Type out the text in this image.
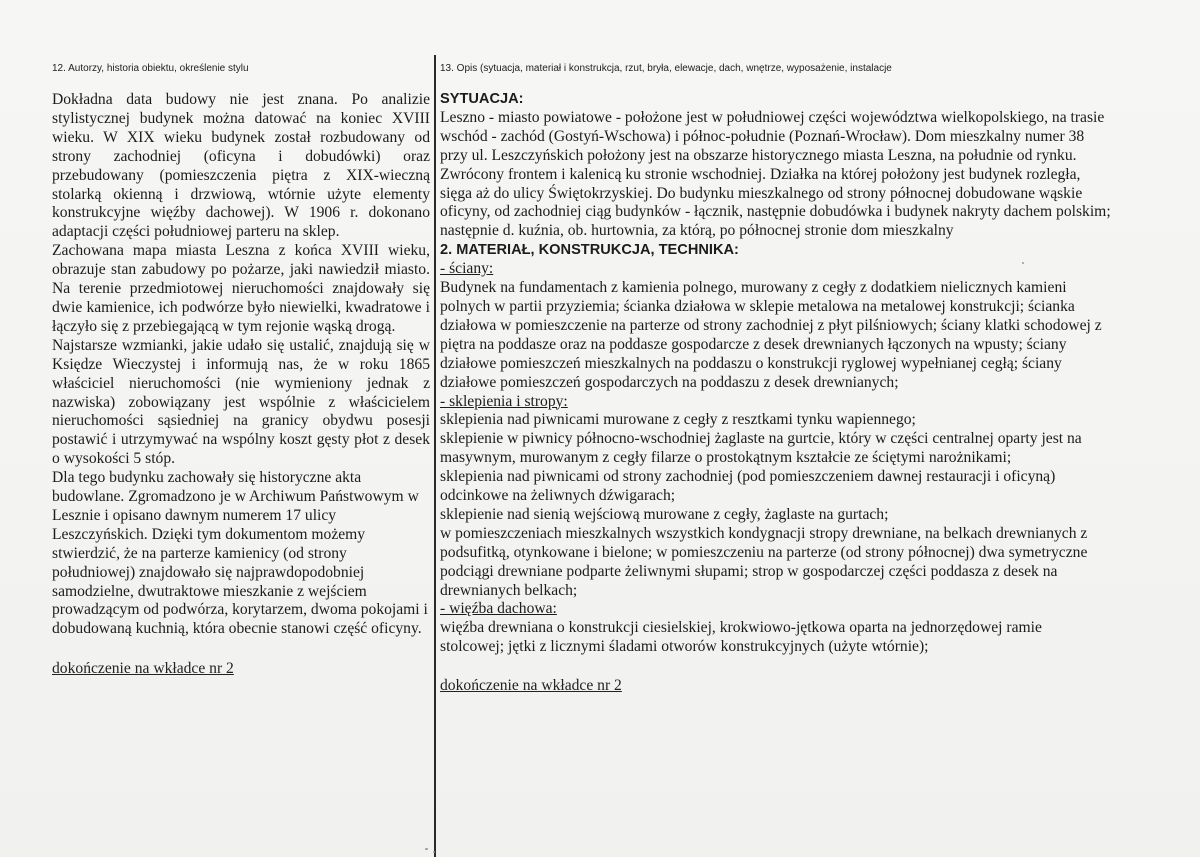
12. Autorzy, historia obiektu, określenie stylu

Dokładna data budowy nie jest znana. Po analizie stylistycznej budynek można datować na koniec XVIII wieku. W XIX wieku budynek został rozbudowany od strony zachodniej (oficyna i dobudówki) oraz przebudowany (pomieszczenia piętra z XIX-wieczną stolarką okienną i drzwiową, wtórnie użyte elementy konstrukcyjne więźby dachowej). W 1906 r. dokonano adaptacji części południowej parteru na sklep.

Zachowana mapa miasta Leszna z końca XVIII wieku, obrazuje stan zabudowy po pożarze, jaki nawiedził miasto. Na terenie przedmiotowej nieruchomości znajdowały się dwie kamienice, ich podwórze było niewielki, kwadratowe i łączyło się z przebiegającą w tym rejonie wąską drogą.

Najstarsze wzmianki, jakie udało się ustalić, znajdują się w Księdze Wieczystej i informują nas, że w roku 1865 właściciel nieruchomości (nie wymieniony jednak z nazwiska) zobowiązany jest wspólnie z właścicielem nieruchomości sąsiedniej na granicy obydwu posesji postawić i utrzymywać na wspólny koszt gęsty płot z desek o wysokości 5 stóp.

Dla tego budynku zachowały się historyczne akta budowlane. Zgromadzono je w Archiwum Państwowym w Lesznie i opisano dawnym numerem 17 ulicy Leszczyńskich. Dzięki tym dokumentom możemy stwierdzić, że na parterze kamienicy (od strony południowej) znajdowało się najprawdopodobniej samodzielne, dwutraktowe mieszkanie z wejściem prowadzącym od podwórza, korytarzem, dwoma pokojami i dobudowaną kuchnią, która obecnie stanowi część oficyny.

dokończenie na wkładce nr 2
13. Opis (sytuacja, materiał i konstrukcja, rzut, bryła, elewacje, dach, wnętrze, wyposażenie, instalacje

SYTUACJA:

Leszno - miasto powiatowe - położone jest w południowej części województwa wielkopolskiego, na trasie

wschód - zachód (Gostyń-Wschowa) i północ-południe (Poznań-Wrocław). Dom mieszkalny numer 38

przy ul. Leszczyńskich położony jest na obszarze historycznego miasta Leszna, na południe od rynku.

Zwrócony frontem i kalenicą ku stronie wschodniej. Działka na której położony jest budynek rozległa,

sięga aż do ulicy Świętokrzyskiej. Do budynku mieszkalnego od strony północnej dobudowane wąskie

oficyny, od zachodniej ciąg budynków - łącznik, następnie dobudówka i budynek nakryty dachem polskim;

następnie d. kuźnia, ob. hurtownia, za którą, po północnej stronie dom mieszkalny

2. MATERIAŁ, KONSTRUKCJA, TECHNIKA:

- ściany:

Budynek na fundamentach z kamienia polnego, murowany z cegły z dodatkiem nielicznych kamieni

polnych w partii przyziemia; ścianka działowa w sklepie metalowa na metalowej konstrukcji; ścianka

działowa w pomieszczenie na parterze od strony zachodniej z płyt pilśniowych; ściany klatki schodowej z

piętra na poddasze oraz na poddasze gospodarcze z desek drewnianych łączonych na wpusty; ściany

działowe pomieszczeń mieszkalnych na poddaszu o konstrukcji ryglowej wypełnianej cegłą; ściany

działowe pomieszczeń gospodarczych na poddaszu z desek drewnianych;

- sklepienia i stropy:

sklepienia nad piwnicami murowane z cegły z resztkami tynku wapiennego;

sklepienie w piwnicy północno-wschodniej żaglaste na gurtcie, który w części centralnej oparty jest na

masywnym, murowanym z cegły filarze o prostokątnym kształcie ze ściętymi narożnikami;

sklepienia nad piwnicami od strony zachodniej (pod pomieszczeniem dawnej restauracji i oficyną)

odcinkowe na żeliwnych dźwigarach;

sklepienie nad sienią wejściową murowane z cegły, żaglaste na gurtach;

w pomieszczeniach mieszkalnych wszystkich kondygnacji stropy drewniane, na belkach drewnianych z

podsufitką, otynkowane i bielone; w pomieszczeniu na parterze (od strony północnej) dwa symetryczne

podciągi drewniane podparte żeliwnymi słupami; strop w gospodarczej części poddasza z desek na

drewnianych belkach;

- więźba dachowa:

więźba drewniana o konstrukcji ciesielskiej, krokwiowo-jętkowa oparta na jednorzędowej ramie

stolcowej; jętki z licznymi śladami otworów konstrukcyjnych (użyte wtórnie);

dokończenie na wkładce nr 2
